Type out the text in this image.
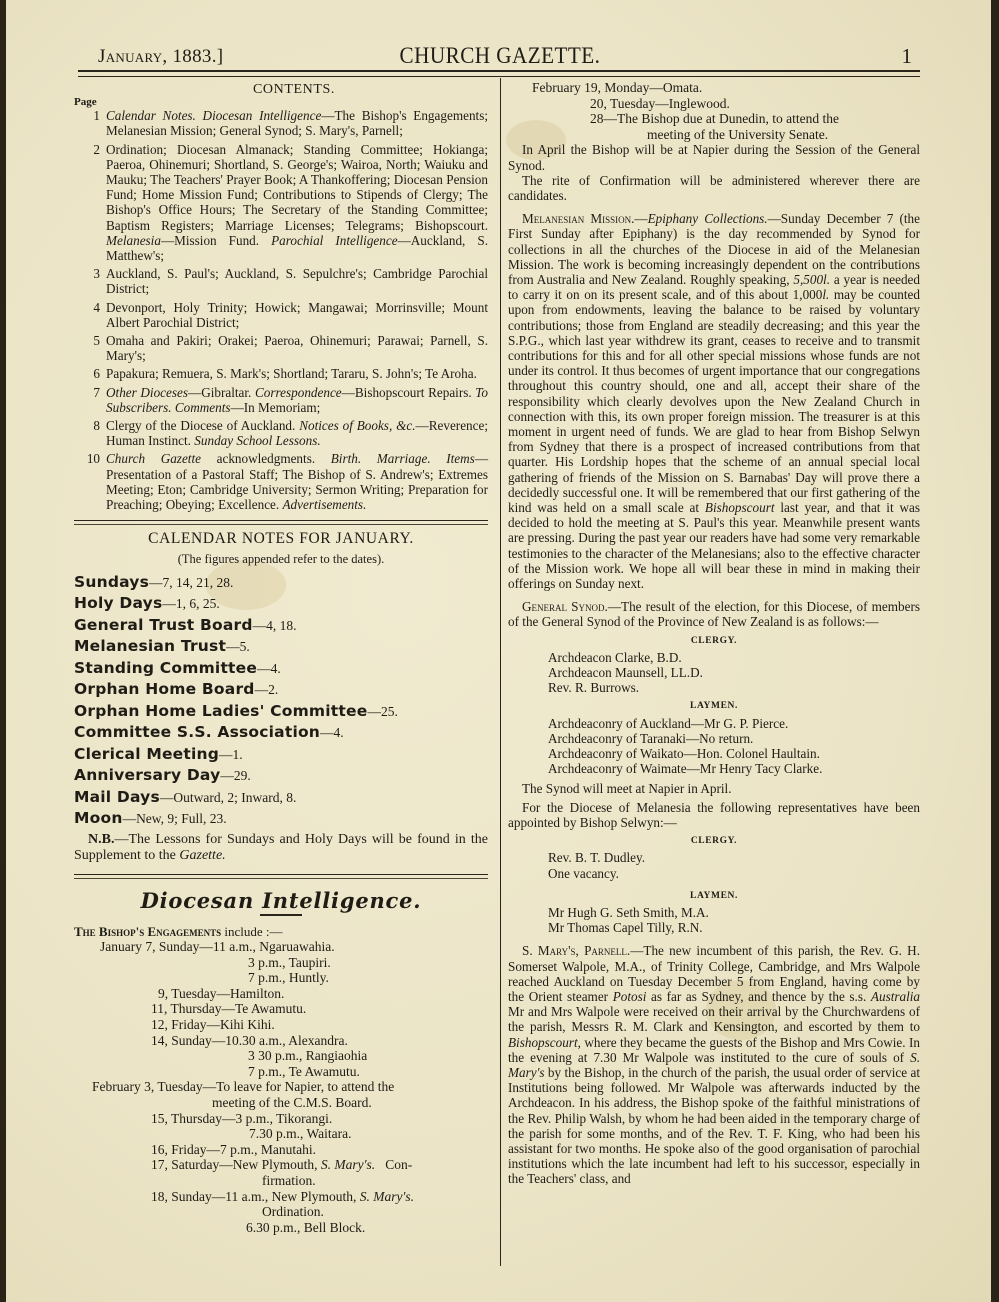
January, 1883.]	CHURCH GAZETTE.	1
CONTENTS.
Page
1 Calendar Notes. Diocesan Intelligence—The Bishop's Engagements; Melanesian Mission; General Synod; S. Mary's, Parnell;
2 Ordination; Diocesan Almanack; Standing Committee; Hokianga; Paeroa, Ohinemuri; Shortland, S. George's; Wairoa, North; Waiuku and Mauku; The Teachers' Prayer Book; A Thankoffering; Diocesan Pension Fund; Home Mission Fund; Contributions to Stipends of Clergy; The Bishop's Office Hours; The Secretary of the Standing Committee; Baptism Registers; Marriage Licenses; Telegrams; Bishopscourt. Melanesia—Mission Fund. Parochial Intelligence—Auckland, S. Matthew's;
3 Auckland, S. Paul's; Auckland, S. Sepulchre's; Cambridge Parochial District;
4 Devonport, Holy Trinity; Howick; Mangawai; Morrinsville; Mount Albert Parochial District;
5 Omaha and Pakiri; Orakei; Paeroa, Ohinemuri; Parawai; Parnell, S. Mary's;
6 Papakura; Remuera, S. Mark's; Shortland; Tararu, S. John's; Te Aroha.
7 Other Dioceses—Gibraltar. Correspondence—Bishopscourt Repairs. To Subscribers. Comments—In Memoriam;
8 Clergy of the Diocese of Auckland. Notices of Books, &c.—Reverence; Human Instinct. Sunday School Lessons.
10 Church Gazette acknowledgments. Birth. Marriage. Items—Presentation of a Pastoral Staff; The Bishop of S. Andrew's; Extremes Meeting; Eton; Cambridge University; Sermon Writing; Preparation for Preaching; Obeying; Excellence. Advertisements.
CALENDAR NOTES FOR JANUARY.
(The figures appended refer to the dates).
Sundays—7, 14, 21, 28.
Holy Days—1, 6, 25.
General Trust Board—4, 18.
Melanesian Trust—5.
Standing Committee—4.
Orphan Home Board—2.
Orphan Home Ladies' Committee—25.
Committee S.S. Association—4.
Clerical Meeting—1.
Anniversary Day—29.
Mail Days—Outward, 2; Inward, 8.
Moon—New, 9; Full, 23.
N.B.—The Lessons for Sundays and Holy Days will be found in the Supplement to the Gazette.
Diocesan Intelligence.
The Bishop's Engagements include :—
January 7, Sunday—11 a.m., Ngaruawahia.
3 p.m., Taupiri.
7 p.m., Huntly.
9, Tuesday—Hamilton.
11, Thursday—Te Awamutu.
12, Friday—Kihi Kihi.
14, Sunday—10.30 a.m., Alexandra.
3 30 p.m., Rangiaohia
7 p.m., Te Awamutu.
February 3, Tuesday—To leave for Napier, to attend the
meeting of the C.M.S. Board.
15, Thursday—3 p.m., Tikorangi.
7.30 p.m., Waitara.
16, Friday—7 p.m., Manutahi.
17, Saturday—New Plymouth, S. Mary's.   Con-
firmation.
18, Sunday—11 a.m., New Plymouth, S. Mary's.
Ordination.
6.30 p.m., Bell Block.
February 19, Monday—Omata.
20, Tuesday—Inglewood.
28—The Bishop due at Dunedin, to attend the
meeting of the University Senate.

In April the Bishop will be at Napier during the Session of the General Synod.

The rite of Confirmation will be administered wherever there are candidates.

Melanesian Mission.—Epiphany Collections.—Sunday December 7 (the First Sunday after Epiphany) is the day recommended by Synod for collections in all the churches of the Diocese in aid of the Melanesian Mission. The work is becoming increasingly dependent on the contributions from Australia and New Zealand. Roughly speaking, 5,500l. a year is needed to carry it on on its present scale, and of this about 1,000l. may be counted upon from endowments, leaving the balance to be raised by voluntary contributions; those from England are steadily decreasing; and this year the S.P.G., which last year withdrew its grant, ceases to receive and to transmit contributions for this and for all other special missions whose funds are not under its control. It thus becomes of urgent importance that our congregations throughout this country should, one and all, accept their share of the responsibility which clearly devolves upon the New Zealand Church in connection with this, its own proper foreign mission. The treasurer is at this moment in urgent need of funds. We are glad to hear from Bishop Selwyn from Sydney that there is a prospect of increased contributions from that quarter. His Lordship hopes that the scheme of an annual special local gathering of friends of the Mission on S. Barnabas' Day will prove there a decidedly successful one. It will be remembered that our first gathering of the kind was held on a small scale at Bishopscourt last year, and that it was decided to hold the meeting at S. Paul's this year. Meanwhile present wants are pressing. During the past year our readers have had some very remarkable testimonies to the character of the Melanesians; also to the effective character of the Mission work. We hope all will bear these in mind in making their offerings on Sunday next.

General Synod.—The result of the election, for this Diocese, of members of the General Synod of the Province of New Zealand is as follows:—

CLERGY.
Archdeacon Clarke, B.D.
Archdeacon Maunsell, LL.D.
Rev. R. Burrows.
LAYMEN.
Archdeaconry of Auckland—Mr G. P. Pierce.
Archdeaconry of Taranaki—No return.
Archdeaconry of Waikato—Hon. Colonel Haultain.
Archdeaconry of Waimate—Mr Henry Tacy Clarke.

The Synod will meet at Napier in April.

For the Diocese of Melanesia the following representatives have been appointed by Bishop Selwyn:—

CLERGY.
Rev. B. T. Dudley.
One vacancy.
LAYMEN.
Mr Hugh G. Seth Smith, M.A.
Mr Thomas Capel Tilly, R.N.

S. Mary's, Parnell.—The new incumbent of this parish, the Rev. G. H. Somerset Walpole, M.A., of Trinity College, Cambridge, and Mrs Walpole reached Auckland on Tuesday December 5 from England, having come by the Orient steamer Potosi as far as Sydney, and thence by the s.s. Australia Mr and Mrs Walpole were received on their arrival by the Churchwardens of the parish, Messrs R. M. Clark and Kensington, and escorted by them to Bishopscourt, where they became the guests of the Bishop and Mrs Cowie. In the evening at 7.30 Mr Walpole was instituted to the cure of souls of S. Mary's by the Bishop, in the church of the parish, the usual order of service at Institutions being followed. Mr Walpole was afterwards inducted by the Archdeacon. In his address, the Bishop spoke of the faithful ministrations of the Rev. Philip Walsh, by whom he had been aided in the temporary charge of the parish for some months, and of the Rev. T. F. King, who had been his assistant for two months. He spoke also of the good organisation of parochial institutions which the late incumbent had left to his successor, especially in the Teachers' class, and
